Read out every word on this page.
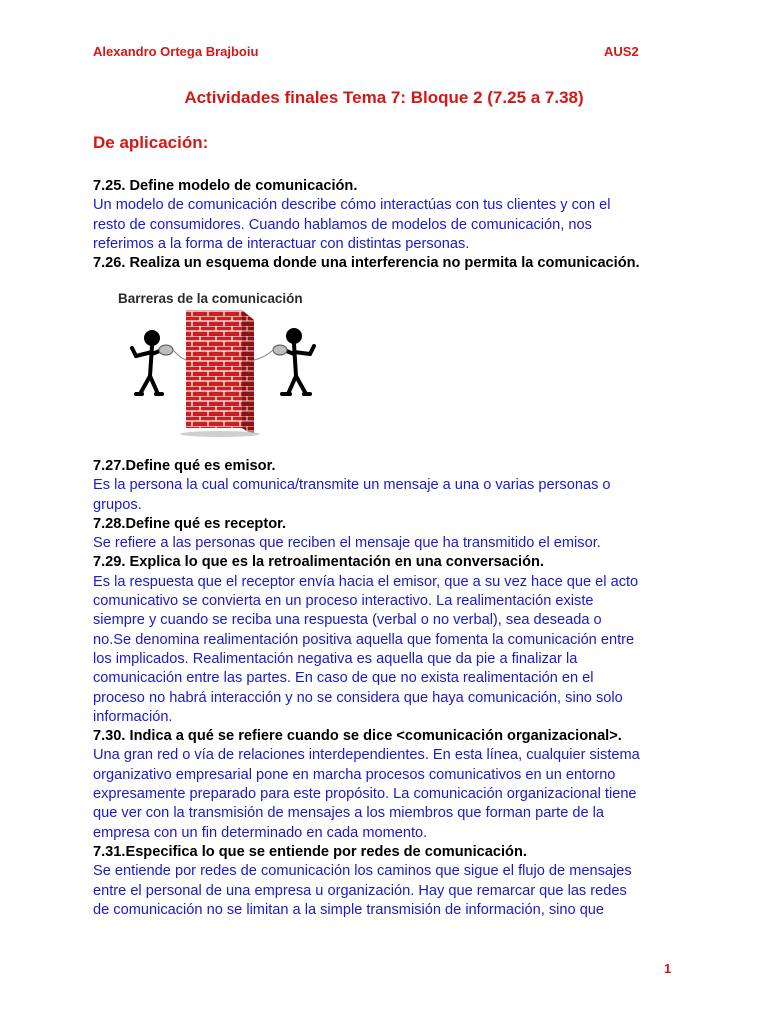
Alexandro Ortega Brajboiu	AUS2
Actividades finales Tema 7: Bloque 2 (7.25 a 7.38)
De aplicación:
7.25. Define modelo de comunicación.
Un modelo de comunicación describe cómo interactúas con tus clientes y con el
resto de consumidores. Cuando hablamos de modelos de comunicación, nos
referimos a la forma de interactuar con distintas personas.
7.26. Realiza un esquema donde una interferencia no permita la comunicación.
Barreras de la comunicación
7.27.Define qué es emisor.
Es la persona la cual comunica/transmite un mensaje a una o varias personas o
grupos.
7.28.Define qué es receptor.
Se refiere a las personas que reciben el mensaje que ha transmitido el emisor.
7.29. Explica lo que es la retroalimentación en una conversación.
Es la respuesta que el receptor envía hacia el emisor, que a su vez hace que el acto
comunicativo se convierta en un proceso interactivo. La realimentación existe
siempre y cuando se reciba una respuesta (verbal o no verbal), sea deseada o
no.Se denomina realimentación positiva aquella que fomenta la comunicación entre
los implicados. Realimentación negativa es aquella que da pie a finalizar la
comunicación entre las partes. En caso de que no exista realimentación en el
proceso no habrá interacción y no se considera que haya comunicación, sino solo
información.
7.30. Indica a qué se refiere cuando se dice <comunicación organizacional>.
Una gran red o vía de relaciones interdependientes. En esta línea, cualquier sistema
organizativo empresarial pone en marcha procesos comunicativos en un entorno
expresamente preparado para este propósito. La comunicación organizacional tiene
que ver con la transmisión de mensajes a los miembros que forman parte de la
empresa con un fin determinado en cada momento.
7.31.Especifica lo que se entiende por redes de comunicación.
Se entiende por redes de comunicación los caminos que sigue el flujo de mensajes
entre el personal de una empresa u organización. Hay que remarcar que las redes
de comunicación no se limitan a la simple transmisión de información, sino que
1
